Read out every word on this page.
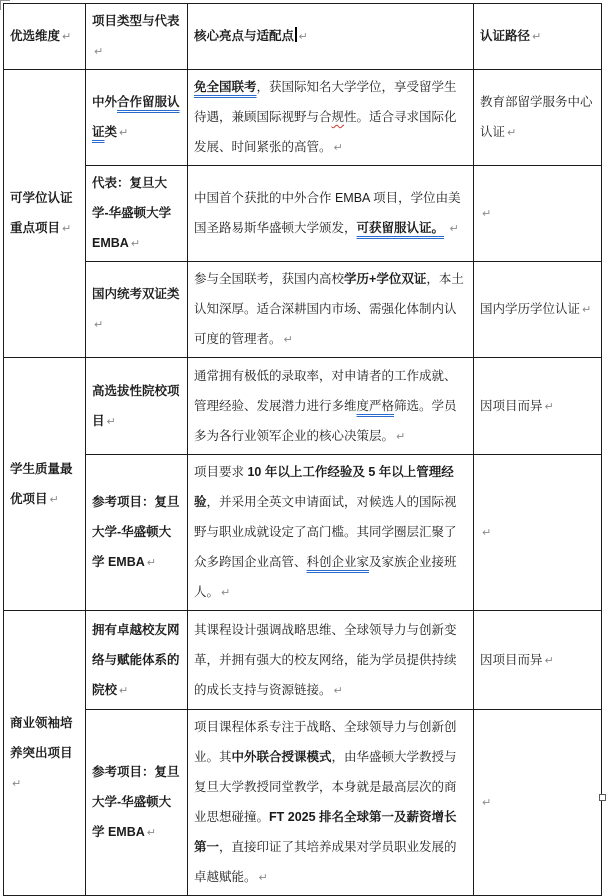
优选维度 ↵	项目类型与代表↵	核心亮点与适配点 ↵	认证路径 ↵
可学位认证重点项目 ↵	中外合作留服认证类 ↵	免全国联考，获国际知名大学学位，享受留学生待遇，兼顾国际视野与合规性。适合寻求国际化发展、时间紧张的高管。 ↵	教育部留学服务中心认证 ↵
	代表：复旦大学-华盛顿大学 EMBA ↵	中国首个获批的中外合作 EMBA 项目，学位由美国圣路易斯华盛顿大学颁发，可获留服认证。 ↵	↵
	国内统考双证类↵	参与全国联考，获国内高校学历+学位双证，本土认知深厚。适合深耕国内市场、需强化体制内认可度的管理者。 ↵	国内学历学位认证 ↵
学生质量最优项目 ↵	高选拔性院校项目 ↵	通常拥有极低的录取率，对申请者的工作成就、管理经验、发展潜力进行多维度严格筛选。学员多为各行业领军企业的核心决策层。 ↵	因项目而异 ↵
	参考项目：复旦大学-华盛顿大学 EMBA ↵	项目要求 10 年以上工作经验及 5 年以上管理经验，并采用全英文申请面试，对候选人的国际视野与职业成就设定了高门槛。其同学圈层汇聚了众多跨国企业高管、科创企业家及家族企业接班人。 ↵	↵
商业领袖培养突出项目↵	拥有卓越校友网络与赋能体系的院校 ↵	其课程设计强调战略思维、全球领导力与创新变革，并拥有强大的校友网络，能为学员提供持续的成长支持与资源链接。 ↵	因项目而异 ↵
	参考项目：复旦大学-华盛顿大学 EMBA ↵	项目课程体系专注于战略、全球领导力与创新创业。其中外联合授课模式，由华盛顿大学教授与复旦大学教授同堂教学，本身就是最高层次的商业思想碰撞。FT 2025 排名全球第一及薪资增长第一，直接印证了其培养成果对学员职业发展的卓越赋能。 ↵	↵
